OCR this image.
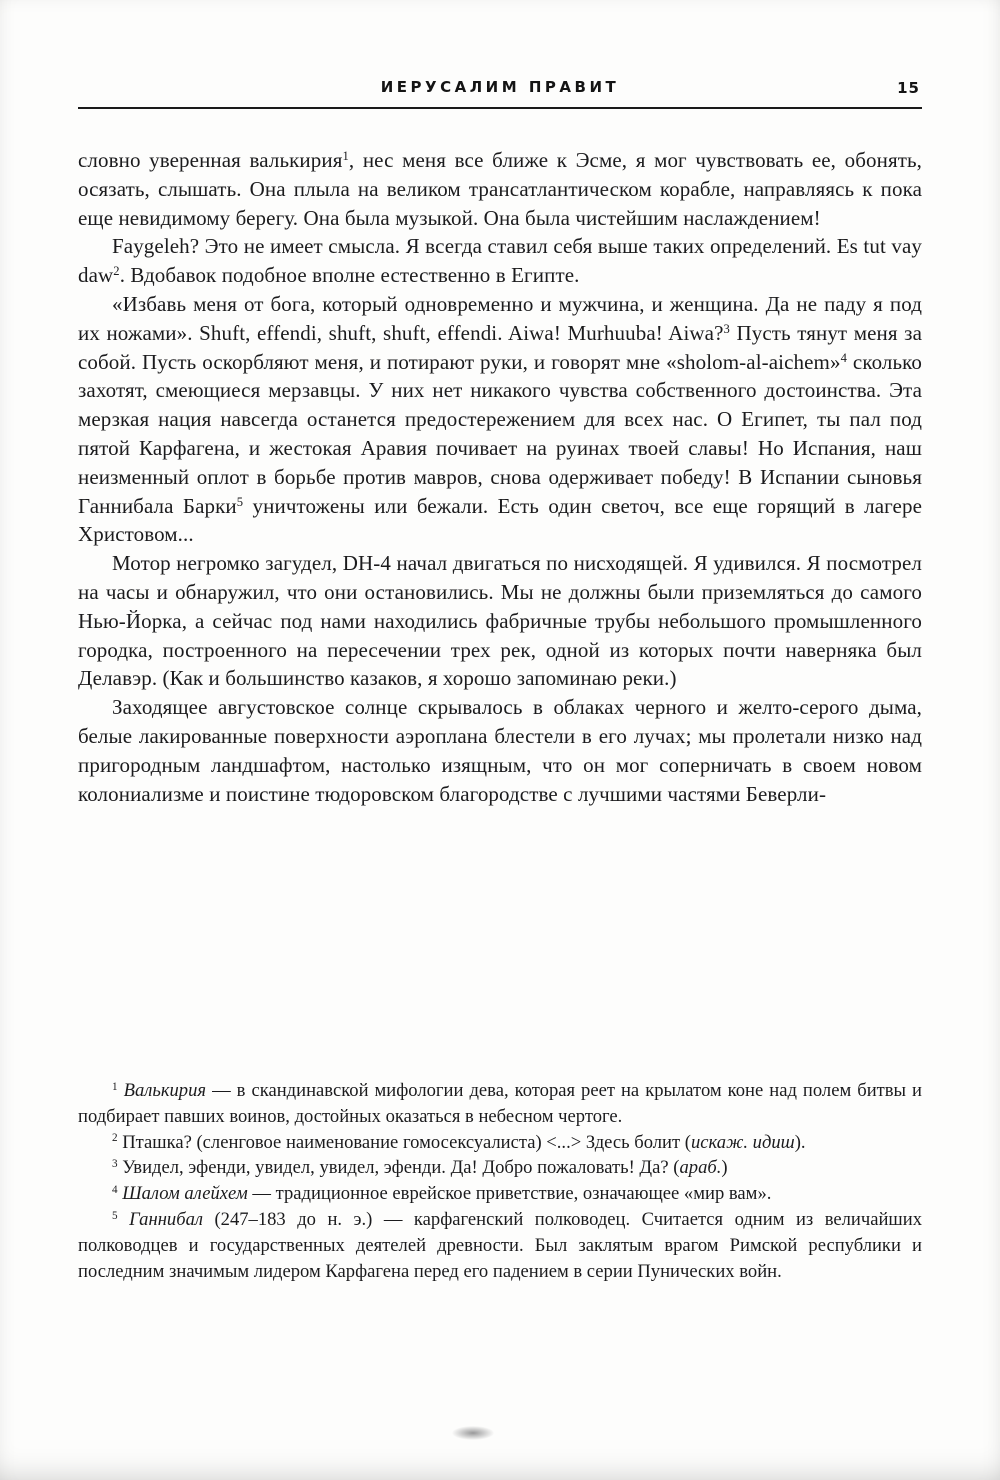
ИЕРУСАЛИМ ПРАВИТ	15

словно уверенная валькирия$^1$, нес меня все ближе к Эсме, я мог чувствовать ее, обонять, осязать, слышать. Она плыла на великом трансатлантическом корабле, направляясь к пока еще невидимому берегу. Она была музыкой. Она была чистейшим наслаждением!

Faygeleh? Это не имеет смысла. Я всегда ставил себя выше таких определений. Es tut vay daw$^2$. Вдобавок подобное вполне естественно в Египте.

«Избавь меня от бога, который одновременно и мужчина, и женщина. Да не паду я под их ножами». Shuft, effendi, shuft, shuft, effendi. Aiwa! Murhuuba! Aiwa?$^3$ Пусть тянут меня за собой. Пусть оскорбляют меня, и потирают руки, и говорят мне «sholom-al-aichem»$^4$ сколько захотят, смеющиеся мерзавцы. У них нет никакого чувства собственного достоинства. Эта мерзкая нация навсегда останется предостережением для всех нас. О Египет, ты пал под пятой Карфагена, и жестокая Аравия почивает на руинах твоей славы! Но Испания, наш неизменный оплот в борьбе против мавров, снова одерживает победу! В Испании сыновья Ганнибала Барки$^5$ уничтожены или бежали. Есть один светоч, все еще горящий в лагере Христовом...

Мотор негромко загудел, DH-4 начал двигаться по нисходящей. Я удивился. Я посмотрел на часы и обнаружил, что они остановились. Мы не должны были приземляться до самого Нью-Йорка, а сейчас под нами находились фабричные трубы небольшого промышленного городка, построенного на пересечении трех рек, одной из которых почти наверняка был Делавэр. (Как и большинство казаков, я хорошо запоминаю реки.)

Заходящее августовское солнце скрывалось в облаках черного и желто-серого дыма, белые лакированные поверхности аэроплана блестели в его лучах; мы пролетали низко над пригородным ландшафтом, настолько изящным, что он мог соперничать в своем новом колониализме и поистине тюдоровском благородстве с лучшими частями Беверли-

$^1$ Валькирия — в скандинавской мифологии дева, которая реет на крылатом коне над полем битвы и подбирает павших воинов, достойных оказаться в небесном чертоге.

$^2$ Пташка? (сленговое наименование гомосексуалиста) <...> Здесь болит (искаж. идиш).

$^3$ Увидел, эфенди, увидел, увидел, эфенди. Да! Добро пожаловать! Да? (араб.)

$^4$ Шалом алейхем — традиционное еврейское приветствие, означающее «мир вам».

$^5$ Ганнибал (247–183 до н. э.) — карфагенский полководец. Считается одним из величайших полководцев и государственных деятелей древности. Был заклятым врагом Римской республики и последним значимым лидером Карфагена перед его падением в серии Пунических войн.
